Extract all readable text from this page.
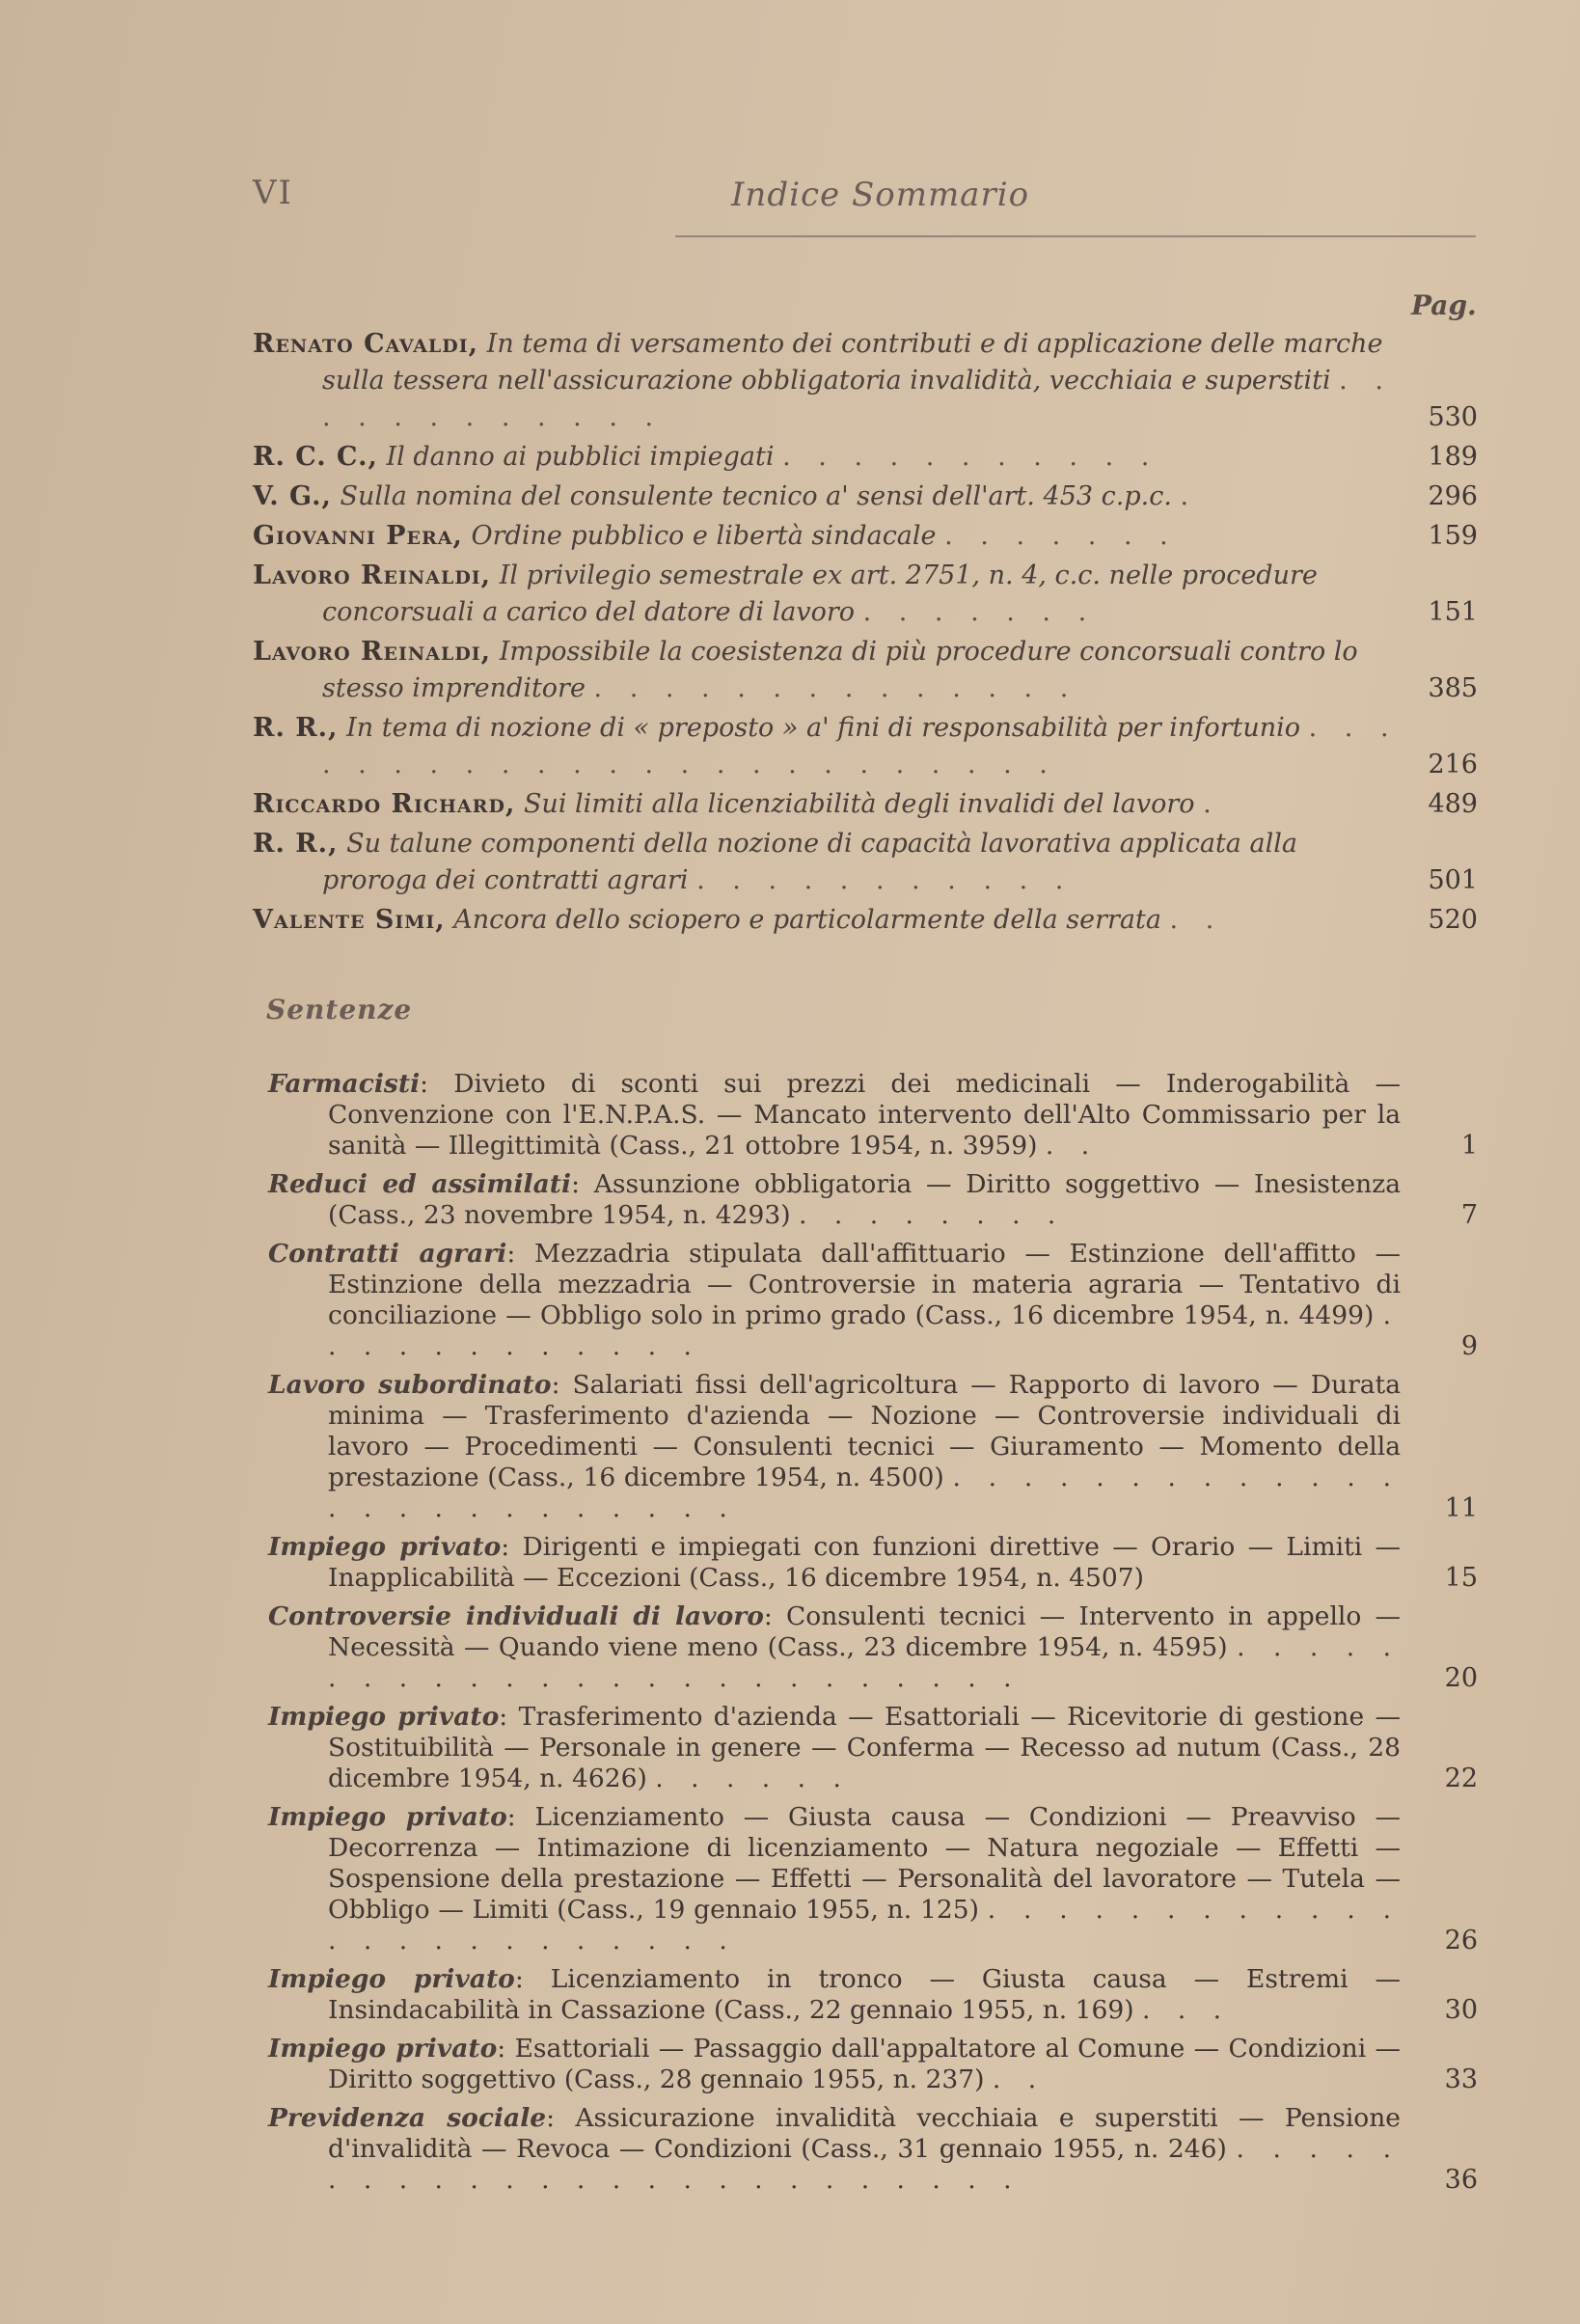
VI	Indice Sommario
Pag.
Renato Cavaldi, In tema di versamento dei contributi e di applicazione delle marche sulla tessera nell'assicurazione obbligatoria invalidità, vecchiaia e superstiti . . . . . . . . . . . .	530
R. C. C., Il danno ai pubblici impiegati . . . . . . . . . . .	189
V. G., Sulla nomina del consulente tecnico a' sensi dell'art. 453 c.p.c. .	296
Giovanni Pera, Ordine pubblico e libertà sindacale . . . . . . .	159
Lavoro Reinaldi, Il privilegio semestrale ex art. 2751, n. 4, c.c. nelle procedure concorsuali a carico del datore di lavoro . . . . . . .	151
Lavoro Reinaldi, Impossibile la coesistenza di più procedure concorsuali contro lo stesso imprenditore . . . . . . . . . . . . . .	385
R. R., In tema di nozione di « preposto » a' fini di responsabilità per infortunio . . . . . . . . . . . . . . . . . . . . . . . .	216
Riccardo Richard, Sui limiti alla licenziabilità degli invalidi del lavoro .	489
R. R., Su talune componenti della nozione di capacità lavorativa applicata alla proroga dei contratti agrari . . . . . . . . . . .	501
Valente Simi, Ancora dello sciopero e particolarmente della serrata . .	520
Sentenze
Farmacisti: Divieto di sconti sui prezzi dei medicinali — Inderogabilità — Convenzione con l'E.N.P.A.S. — Mancato intervento dell'Alto Commissario per la sanità — Illegittimità (Cass., 21 ottobre 1954, n. 3959) . .	1
Reduci ed assimilati: Assunzione obbligatoria — Diritto soggettivo — Inesistenza (Cass., 23 novembre 1954, n. 4293) . . . . . . . .	7
Contratti agrari: Mezzadria stipulata dall'affittuario — Estinzione dell'affitto — Estinzione della mezzadria — Controversie in materia agraria — Tentativo di conciliazione — Obbligo solo in primo grado (Cass., 16 dicembre 1954, n. 4499) . . . . . . . . . . . .	9
Lavoro subordinato: Salariati fissi dell'agricoltura — Rapporto di lavoro — Durata minima — Trasferimento d'azienda — Nozione — Controversie individuali di lavoro — Procedimenti — Consulenti tecnici — Giuramento — Momento della prestazione (Cass., 16 dicembre 1954, n. 4500) . . . . . . . . . . . . . . . . . . . . . . . . .	11
Impiego privato: Dirigenti e impiegati con funzioni direttive — Orario — Limiti — Inapplicabilità — Eccezioni (Cass., 16 dicembre 1954, n. 4507)	15
Controversie individuali di lavoro: Consulenti tecnici — Intervento in appello — Necessità — Quando viene meno (Cass., 23 dicembre 1954, n. 4595) . . . . . . . . . . . . . . . . . . . . . . . . .	20
Impiego privato: Trasferimento d'azienda — Esattoriali — Ricevitorie di gestione — Sostituibilità — Personale in genere — Conferma — Recesso ad nutum (Cass., 28 dicembre 1954, n. 4626) . . . . . .	22
Impiego privato: Licenziamento — Giusta causa — Condizioni — Preavviso — Decorrenza — Intimazione di licenziamento — Natura negoziale — Effetti — Sospensione della prestazione — Effetti — Personalità del lavoratore — Tutela — Obbligo — Limiti (Cass., 19 gennaio 1955, n. 125) . . . . . . . . . . . . . . . . . . . . . . . .	26
Impiego privato: Licenziamento in tronco — Giusta causa — Estremi — Insindacabilità in Cassazione (Cass., 22 gennaio 1955, n. 169) . . .	30
Impiego privato: Esattoriali — Passaggio dall'appaltatore al Comune — Condizioni — Diritto soggettivo (Cass., 28 gennaio 1955, n. 237) . .	33
Previdenza sociale: Assicurazione invalidità vecchiaia e superstiti — Pensione d'invalidità — Revoca — Condizioni (Cass., 31 gennaio 1955, n. 246) . . . . . . . . . . . . . . . . . . . . . . . . .	36
